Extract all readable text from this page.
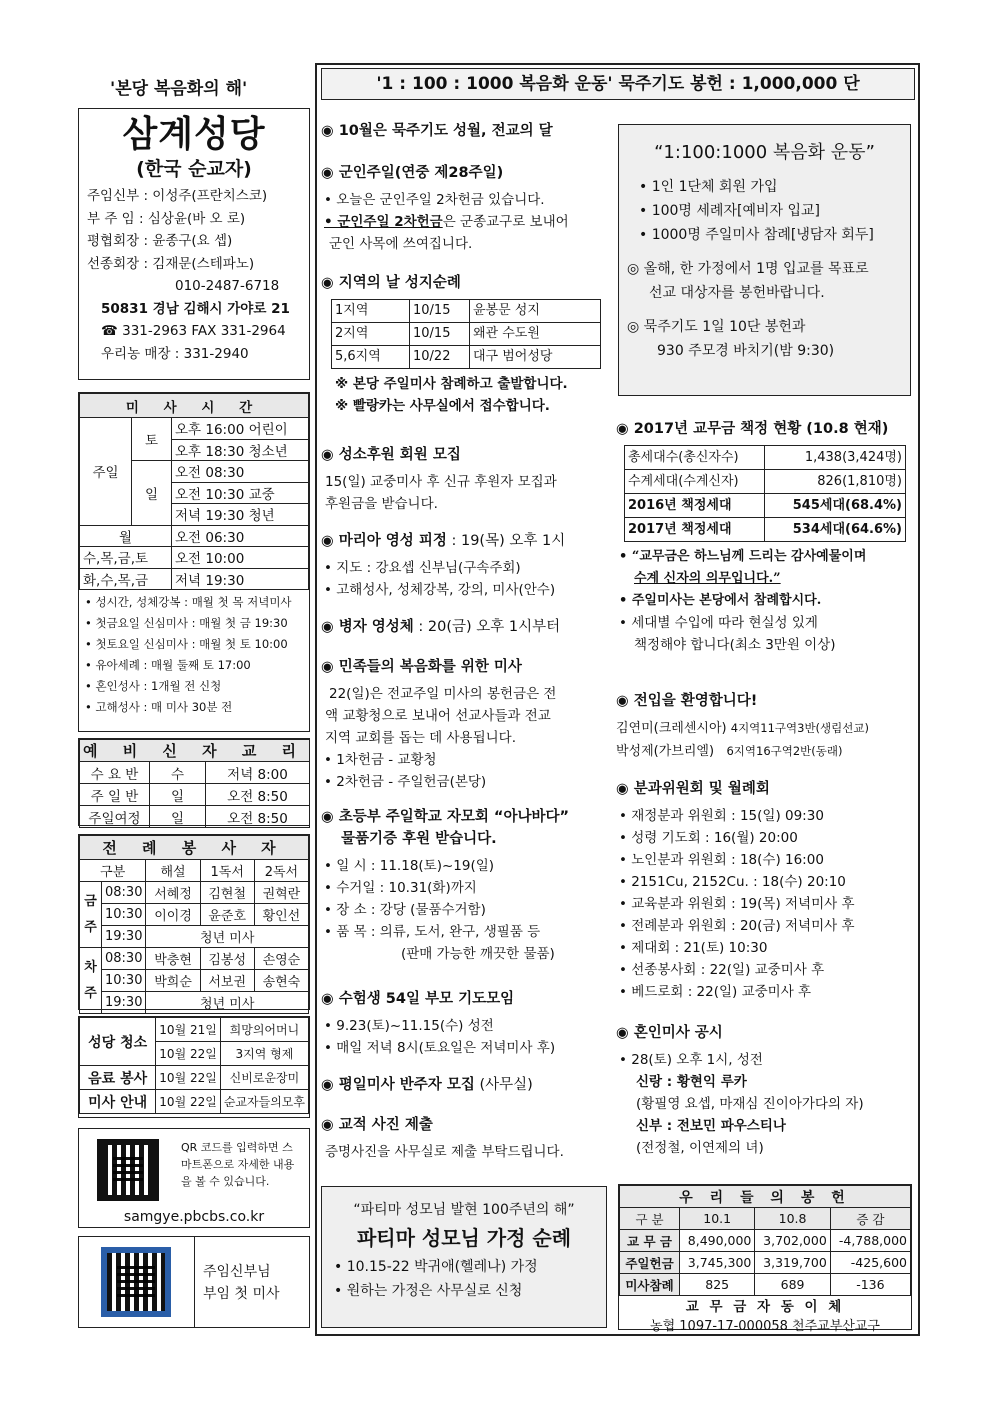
'본당 복음화의 해'
삼계성당
(한국 순교자)
주임신부 : 이성주(프란치스코)
부 주 임 : 심상윤(바 오 로)
평협회장 : 윤종구(요 셉)
선종회장 : 김재문(스테파노)
010-2487-6718
50831 경남 김해시 가야로 21
☎ 331-2963 FAX 331-2964
우리농 매장 : 331-2940
미 사 시 간		
주일	토	오후 16:00 어린이
		오후 18:30 청소년
	일	오전 08:30
		오전 10:30 교중
		저녁 19:30 청년
월		오전 06:30
수,목,금,토		오전 10:00
화,수,목,금		저녁 19:30
• 성시간, 성체강복 : 매월 첫 목 저녁미사
• 첫금요일 신심미사 : 매월 첫 금 19:30
• 첫토요일 신심미사 : 매월 첫 토 10:00
• 유아세례 : 매월 둘째 토 17:00
• 혼인성사 : 1개월 전 신청
• 고해성사 : 매 미사 30분 전
예 비 신 자 교 리		
수 요 반	수	저녁 8:00
주 일 반	일	오전 8:50
주일여정	일	오전 8:50
전 례 봉 사 자				
구분		해설	1독서	2독서
금주	08:30	서혜정	김현철	권혁란
	10:30	이이경	윤준호	황인선
	19:30	청년 미사		
차주	08:30	박충현	김봉성	손영순
	10:30	박희순	서보권	송현숙
	19:30	청년 미사		
성당 청소	10월 21일	희망의어머니
	10월 22일	3지역 형제
음료 봉사	10월 22일	신비로운장미
미사 안내	10월 22일	순교자들의모후
QR 코드를 입력하면 스마트폰으로 자세한 내용을 볼 수 있습니다.
samgye.pbcbs.co.kr
주임신부님
부임 첫 미사
'1 : 100 : 1000 복음화 운동' 묵주기도 봉헌 : 1,000,000 단

◉ 10월은 묵주기도 성월, 전교의 달

◉ 군인주일(연중 제28주일)

• 오늘은 군인주일 2차헌금 있습니다.

• 군인주일 2차헌금은 군종교구로 보내어

군인 사목에 쓰여집니다.

◉ 지역의 날 성지순례

1지역	10/15	윤봉문 성지
2지역	10/15	왜관 수도원
5,6지역	10/22	대구 범어성당

※ 본당 주일미사 참례하고 출발합니다.

※ 빨랑카는 사무실에서 접수합니다.

◉ 성소후원 회원 모집

15(일) 교중미사 후 신규 후원자 모집과

후원금을 받습니다.

◉ 마리아 영성 피정 : 19(목) 오후 1시

• 지도 : 강요셉 신부님(구속주회)

• 고해성사, 성체강복, 강의, 미사(안수)

◉ 병자 영성체 : 20(금) 오후 1시부터

◉ 민족들의 복음화를 위한 미사

22(일)은 전교주일 미사의 봉헌금은 전

액 교황청으로 보내어 선교사들과 전교

지역 교회를 돕는 데 사용됩니다.

• 1차헌금 - 교황청

• 2차헌금 - 주일헌금(본당)

◉ 초등부 주일학교 자모회 “아나바다”

물품기증 후원 받습니다.

• 일 시 : 11.18(토)~19(일)

• 수거일 : 10.31(화)까지

• 장 소 : 강당 (물품수거함)

• 품 목 : 의류, 도서, 완구, 생필품 등

(판매 가능한 깨끗한 물품)

◉ 수험생 54일 부모 기도모임

• 9.23(토)~11.15(수) 성전

• 매일 저녁 8시(토요일은 저녁미사 후)

◉ 평일미사 반주자 모집 (사무실)

◉ 교적 사진 제출

증명사진을 사무실로 제출 부탁드립니다.

“파티마 성모님 발현 100주년의 해”

파티마 성모님 가정 순례

• 10.15-22 박귀애(헬레나) 가정

• 원하는 가정은 사무실로 신청

“1:100:1000 복음화 운동”

• 1인 1단체 회원 가입

• 100명 세례자[예비자 입교]

• 1000명 주일미사 참례[냉담자 회두]

◎ 올해, 한 가정에서 1명 입교를 목표로

선교 대상자를 봉헌바랍니다.

◎ 묵주기도 1일 10단 봉헌과

930 주모경 바치기(밤 9:30)

◉ 2017년 교무금 책정 현황 (10.8 현재)

총세대수(총신자수)	1,438(3,424명)
수계세대(수계신자)	826(1,810명)
2016년 책정세대	545세대(68.4%)
2017년 책정세대	534세대(64.6%)

• “교무금은 하느님께 드리는 감사예물이며

수계 신자의 의무입니다.”

• 주일미사는 본당에서 참례합시다.

• 세대별 수입에 따라 현실성 있게

책정해야 합니다(최소 3만원 이상)

◉ 전입을 환영합니다!

김연미(크레센시아) 4지역11구역3반(생림선교)

박성제(가브리엘) 6지역16구역2반(동래)

◉ 분과위원회 및 월례회

• 재정분과 위원회 : 15(일) 09:30

• 성령 기도회 : 16(월) 20:00

• 노인분과 위원회 : 18(수) 16:00

• 2151Cu, 2152Cu. : 18(수) 20:10

• 교육분과 위원회 : 19(목) 저녁미사 후

• 전례분과 위원회 : 20(금) 저녁미사 후

• 제대회 : 21(토) 10:30

• 선종봉사회 : 22(일) 교중미사 후

• 베드로회 : 22(일) 교중미사 후

◉ 혼인미사 공시

• 28(토) 오후 1시, 성전

신랑 : 황현익 루카

(황필영 요셉, 마재심 진이아가다의 자)

신부 : 전보민 파우스티나

(전정철, 이연제의 녀)

우 리 들 의 봉 헌			
구 분	10.1	10.8	증 감
교 무 금	8,490,000	3,702,000	-4,788,000
주일헌금	3,745,300	3,319,700	-425,600
미사참례	825	689	-136

교 무 금 자 동 이 체

농협 1097-17-000058 천주교부산교구
